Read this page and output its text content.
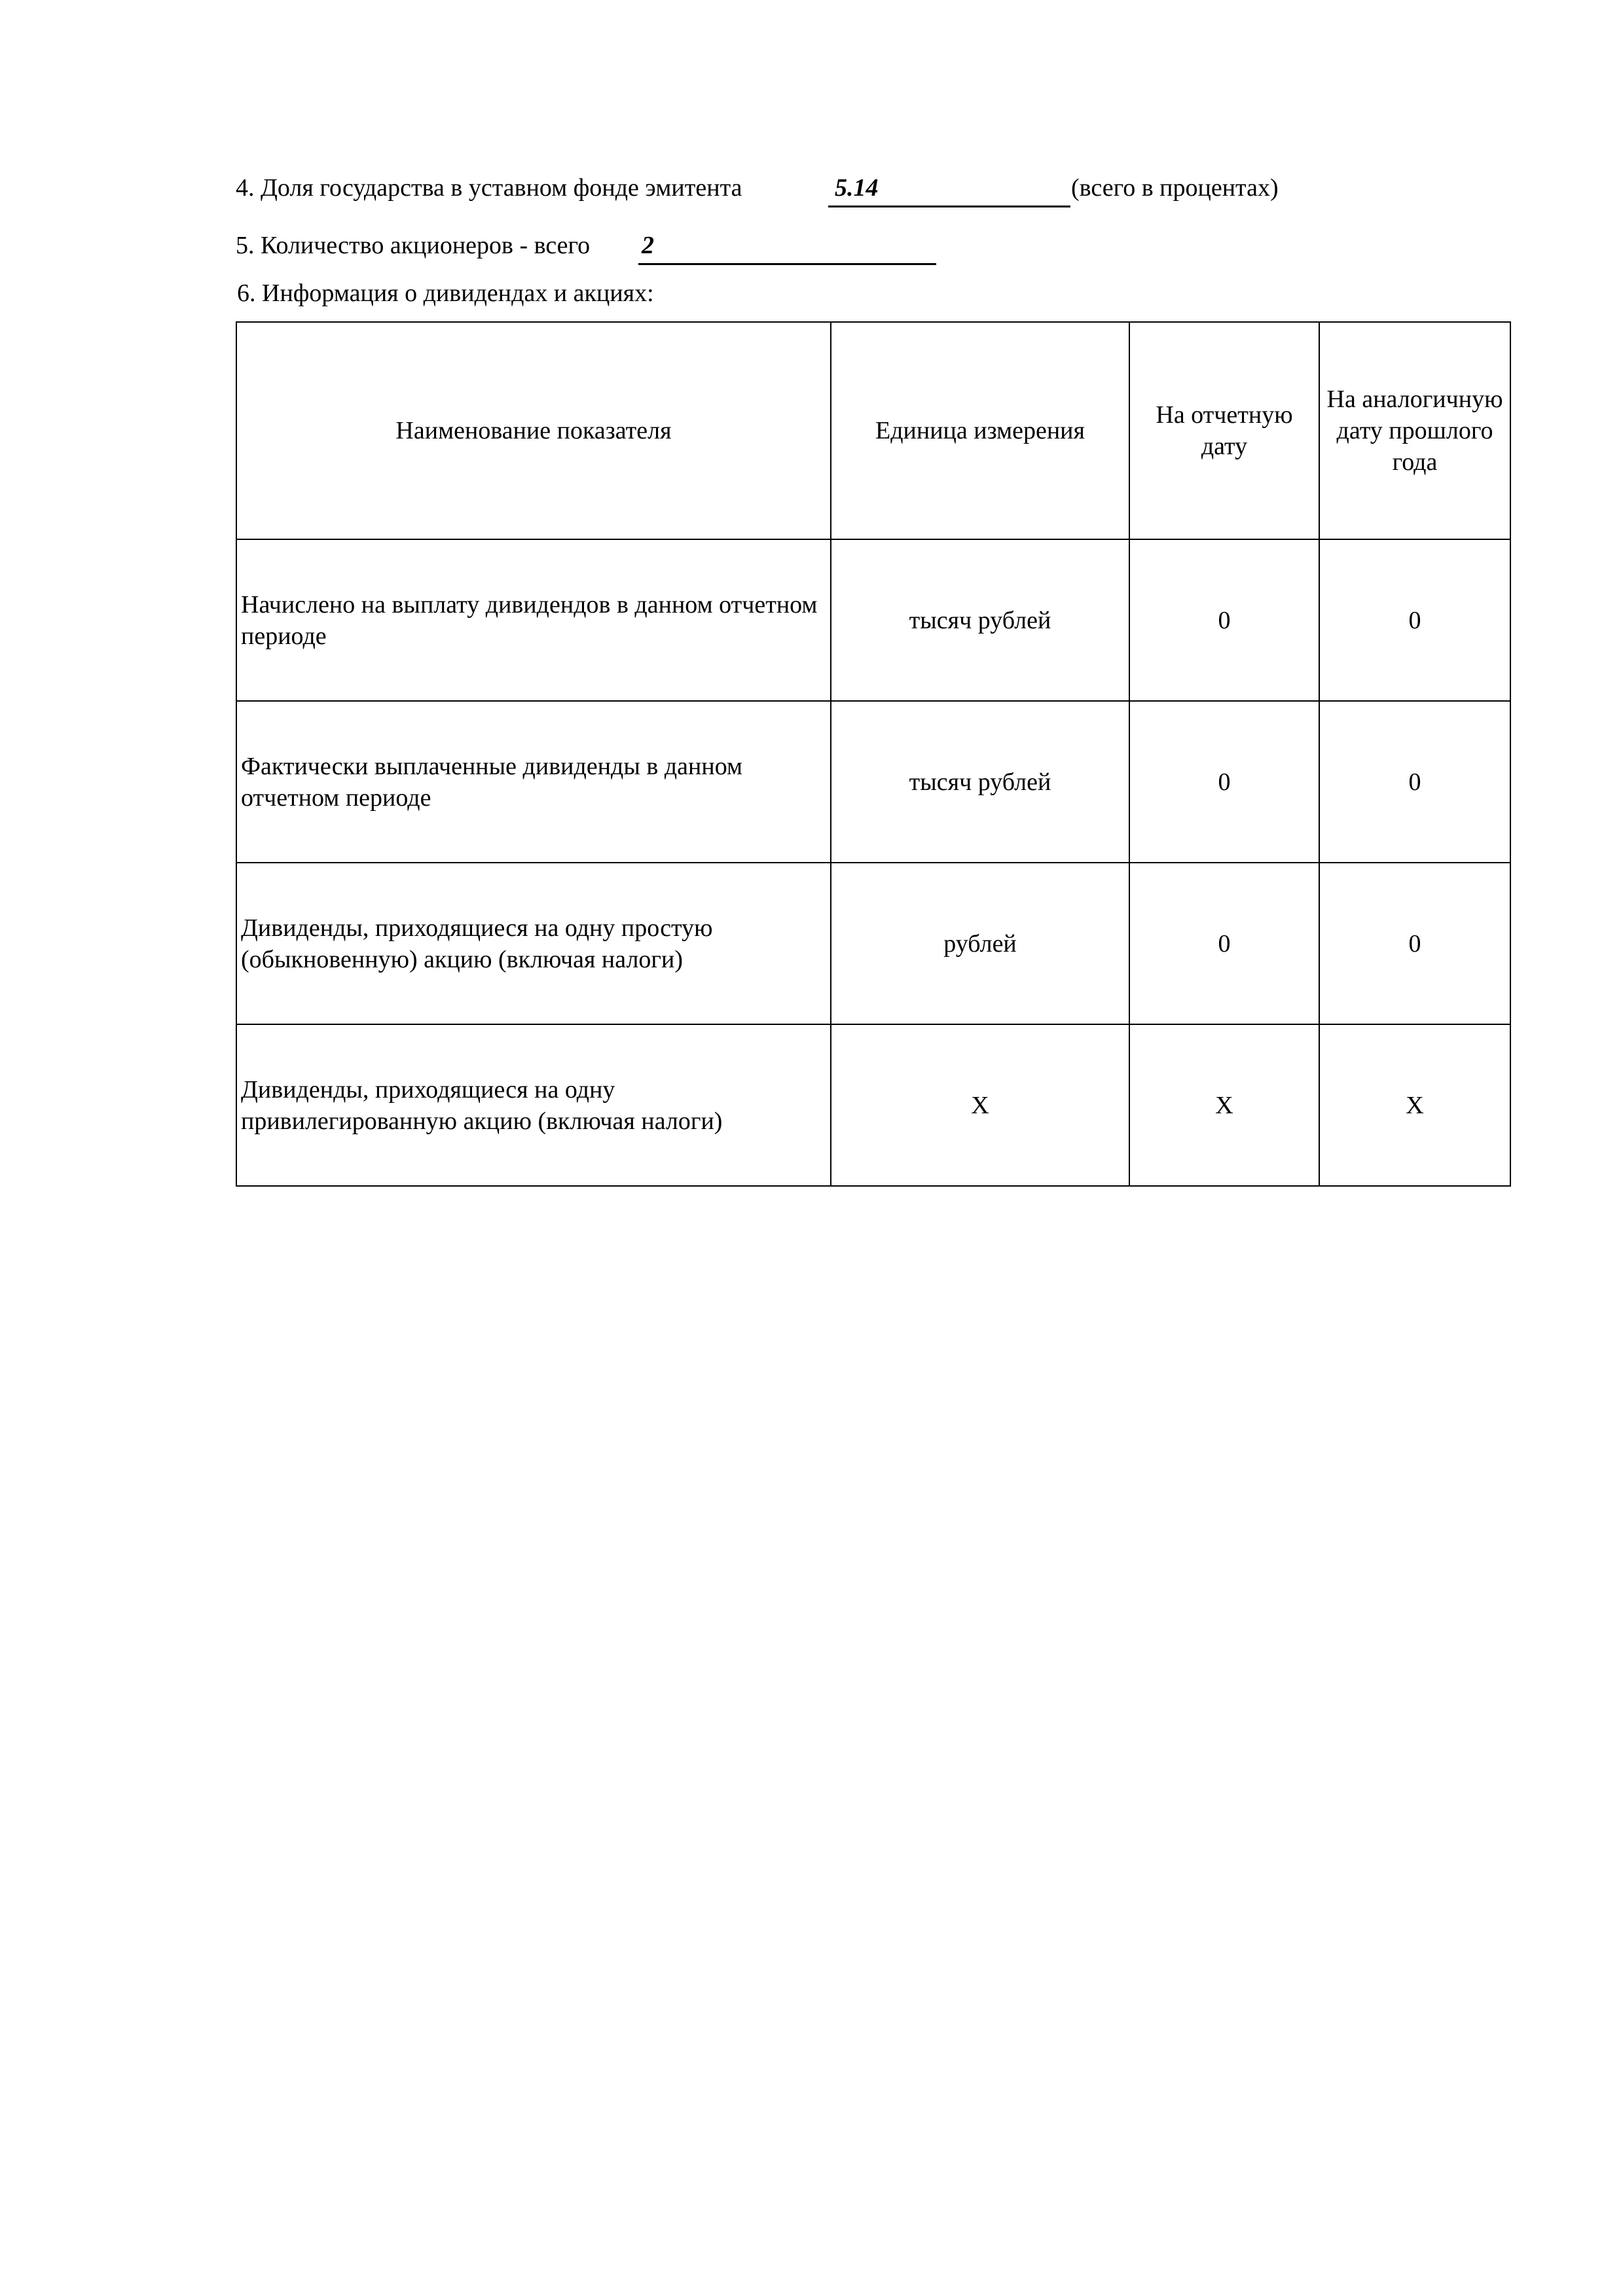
4. Доля государства в уставном фонде эмитента	5.14	(всего в процентах)
5. Количество акционеров - всего 2
6. Информация о дивидендах и акциях:
Наименование показателя	Единица измерения	На отчетную дату	На аналогичную дату прошлого года
Начислено на выплату дивидендов в данном отчетном периоде	тысяч рублей	0	0
Фактически выплаченные дивиденды в данном отчетном периоде	тысяч рублей	0	0
Дивиденды, приходящиеся на одну простую (обыкновенную) акцию (включая налоги)	рублей	0	0
Дивиденды, приходящиеся на одну привилегированную акцию (включая налоги)	X	X	X
